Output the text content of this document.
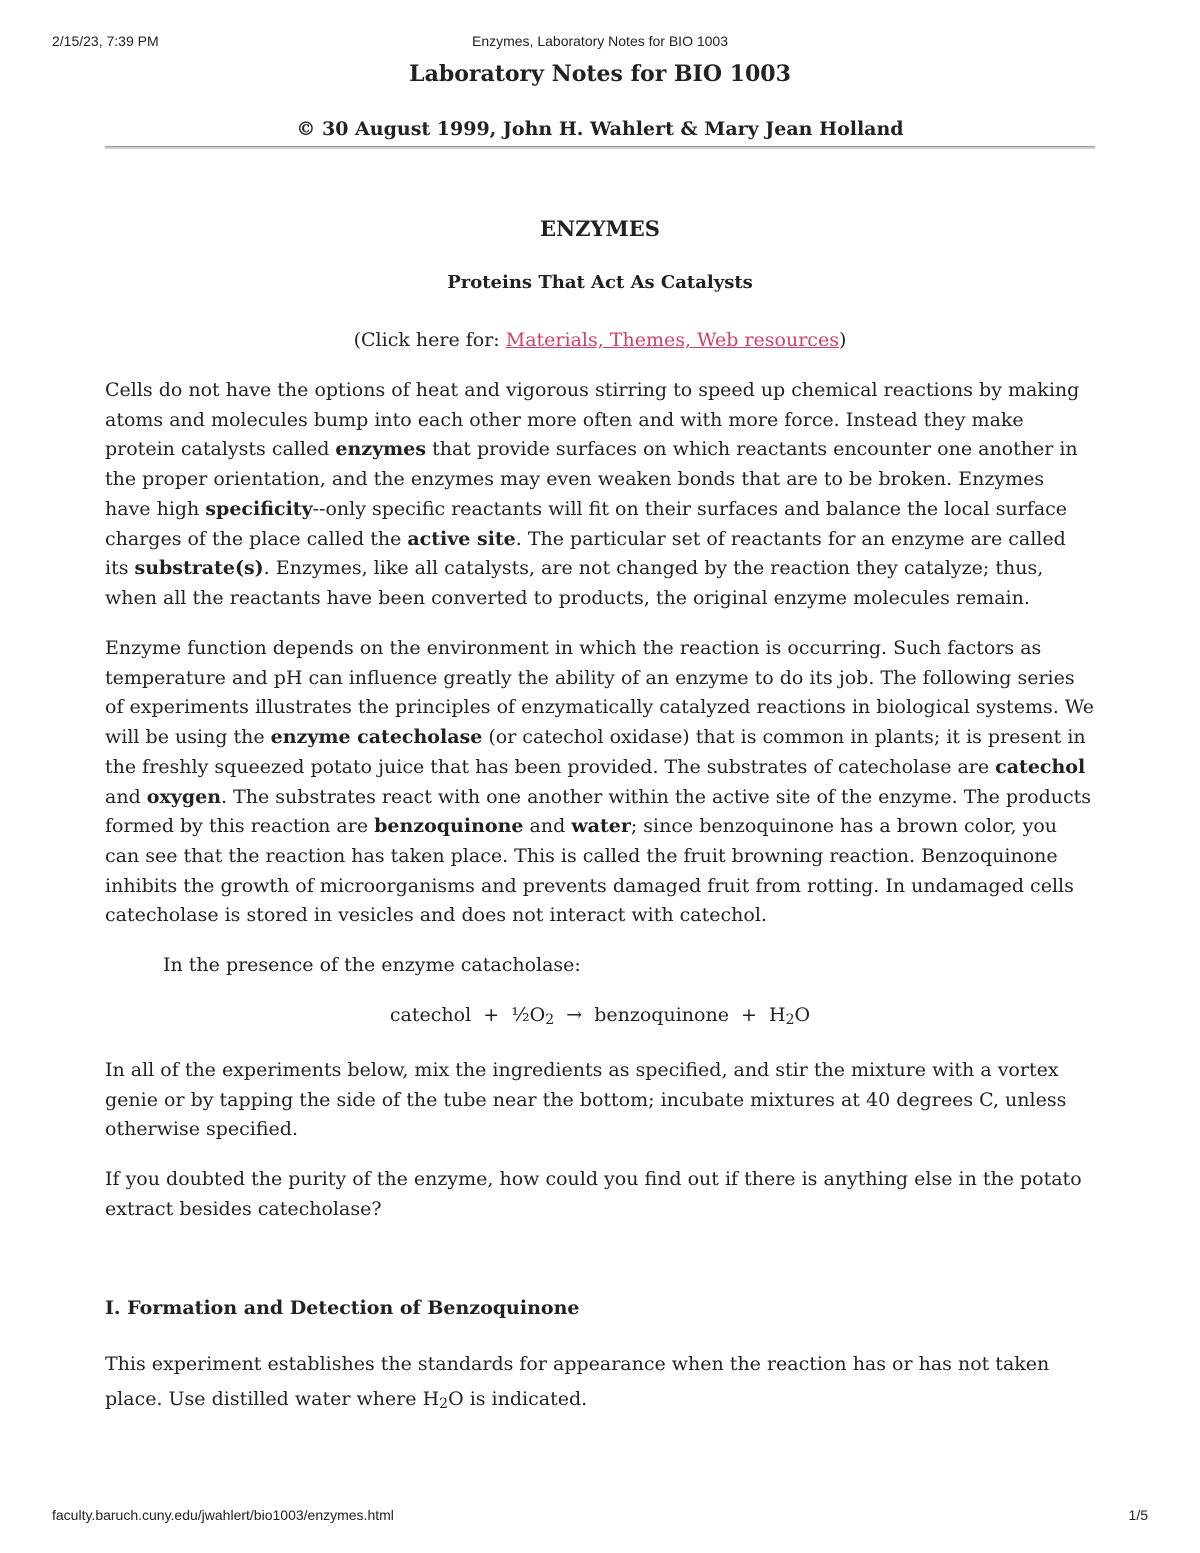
2/15/23, 7:39 PM	Enzymes, Laboratory Notes for BIO 1003
Laboratory Notes for BIO 1003
© 30 August 1999, John H. Wahlert & Mary Jean Holland
ENZYMES
Proteins That Act As Catalysts
(Click here for: Materials, Themes, Web resources)

Cells do not have the options of heat and vigorous stirring to speed up chemical reactions by making atoms and molecules bump into each other more often and with more force. Instead they make protein catalysts called enzymes that provide surfaces on which reactants encounter one another in the proper orientation, and the enzymes may even weaken bonds that are to be broken. Enzymes have high specificity--only specific reactants will fit on their surfaces and balance the local surface charges of the place called the active site. The particular set of reactants for an enzyme are called its substrate(s). Enzymes, like all catalysts, are not changed by the reaction they catalyze; thus, when all the reactants have been converted to products, the original enzyme molecules remain.

Enzyme function depends on the environment in which the reaction is occurring. Such factors as temperature and pH can influence greatly the ability of an enzyme to do its job. The following series of experiments illustrates the principles of enzymatically catalyzed reactions in biological systems. We will be using the enzyme catecholase (or catechol oxidase) that is common in plants; it is present in the freshly squeezed potato juice that has been provided. The substrates of catecholase are catechol and oxygen. The substrates react with one another within the active site of the enzyme. The products formed by this reaction are benzoquinone and water; since benzoquinone has a brown color, you can see that the reaction has taken place. This is called the fruit browning reaction. Benzoquinone inhibits the growth of microorganisms and prevents damaged fruit from rotting. In undamaged cells catecholase is stored in vesicles and does not interact with catechol.

In the presence of the enzyme catacholase:

catechol  +  $\frac{1}{2}O_2$  →  benzoquinone  +  $H_2O$

In all of the experiments below, mix the ingredients as specified, and stir the mixture with a vortex genie or by tapping the side of the tube near the bottom; incubate mixtures at 40 degrees C, unless otherwise specified.

If you doubted the purity of the enzyme, how could you find out if there is anything else in the potato extract besides catecholase?

I. Formation and Detection of Benzoquinone

This experiment establishes the standards for appearance when the reaction has or has not taken place. Use distilled water where $H_2O$ is indicated.

faculty.baruch.cuny.edu/jwahlert/bio1003/enzymes.html	1/5
